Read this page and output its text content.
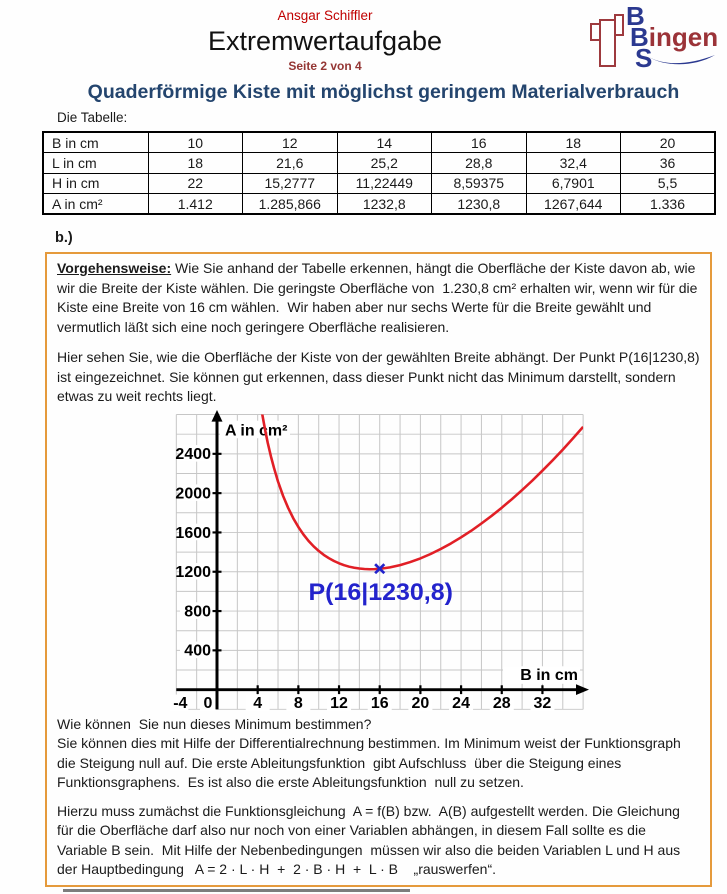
Ansgar Schiffler
Extremwertaufgabe
Seite 2 von 4
B
Bingen
S
Quaderförmige Kiste mit möglichst geringem Materialverbrauch
Die Tabelle:
B in cm	10	12	14	16	18	20
L in cm	18	21,6	25,2	28,8	32,4	36
H in cm	22	15,2777	11,22449	8,59375	6,7901	5,5
A in cm²	1.412	1.285,866	1232,8	1230,8	1267,644	1.336
b.)

Vorgehensweise: Wie Sie anhand der Tabelle erkennen, hängt die Oberfläche der Kiste davon ab, wie wir die Breite der Kiste wählen. Die geringste Oberfläche von  1.230,8 cm² erhalten wir, wenn wir für die Kiste eine Breite von 16 cm wählen.  Wir haben aber nur sechs Werte für die Breite gewählt und vermutlich läßt sich eine noch geringere Oberfläche realisieren.

Hier sehen Sie, wie die Oberfläche der Kiste von der gewählten Breite abhängt. Der Punkt P(16|1230,8) ist eingezeichnet. Sie können gut erkennen, dass dieser Punkt nicht das Minimum darstellt, sondern etwas zu weit rechts liegt.

-4 0	4 8 12 16 20 24 28 32
400
800
1200
1600
2000
2400
B in cm
A in cm²
P(16|1230,8)

Wie können  Sie nun dieses Minimum bestimmen?
Sie können dies mit Hilfe der Differentialrechnung bestimmen. Im Minimum weist der Funktionsgraph  die Steigung null auf. Die erste Ableitungsfunktion  gibt Aufschluss  über die Steigung eines Funktionsgraphens.  Es ist also die erste Ableitungsfunktion  null zu setzen.

Hierzu muss zumächst die Funktionsgleichung  A = f(B) bzw.  A(B) aufgestellt werden. Die Gleichung für die Oberfläche darf also nur noch von einer Variablen abhängen, in diesem Fall sollte es die Variable B sein.  Mit Hilfe der Nebenbedingungen  müssen wir also die beiden Variablen L und H aus der Hauptbedingung   A = 2 · L · H  +  2 · B · H  +  L · B    „rauswerfen“.
